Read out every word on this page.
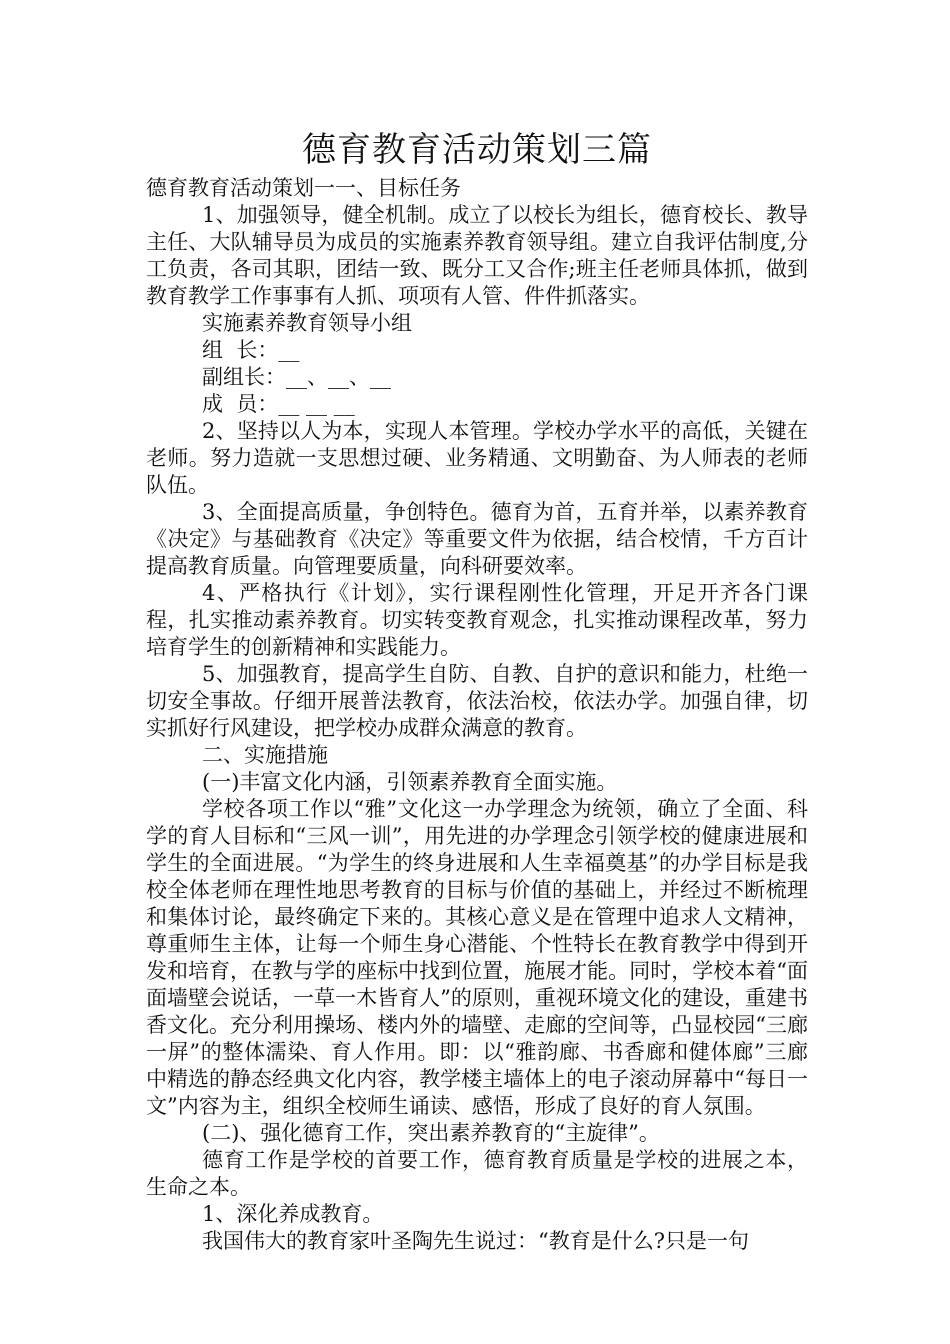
德育教育活动策划三篇

德育教育活动策划一一、目标任务

1、加强领导，健全机制。成立了以校长为组长，德育校长、教导主任、大队辅导员为成员的实施素养教育领导组。建立自我评估制度,分工负责，各司其职，团结一致、既分工又合作;班主任老师具体抓，做到教育教学工作事事有人抓、项项有人管、件件抓落实。

实施素养教育领导小组

组  长：__

副组长：__、__、__

成  员：__ __ __

2、坚持以人为本，实现人本管理。学校办学水平的高低，关键在老师。努力造就一支思想过硬、业务精通、文明勤奋、为人师表的老师队伍。

3、全面提高质量，争创特色。德育为首，五育并举，以素养教育《决定》与基础教育《决定》等重要文件为依据，结合校情，千方百计提高教育质量。向管理要质量，向科研要效率。

4、严格执行《计划》，实行课程刚性化管理，开足开齐各门课程，扎实推动素养教育。切实转变教育观念，扎实推动课程改革，努力培育学生的创新精神和实践能力。

5、加强教育，提高学生自防、自教、自护的意识和能力，杜绝一切安全事故。仔细开展普法教育，依法治校，依法办学。加强自律，切实抓好行风建设，把学校办成群众满意的教育。

二、实施措施

(一)丰富文化内涵，引领素养教育全面实施。

学校各项工作以“雅”文化这一办学理念为统领，确立了全面、科学的育人目标和“三风一训”，用先进的办学理念引领学校的健康进展和学生的全面进展。“为学生的终身进展和人生幸福奠基”的办学目标是我校全体老师在理性地思考教育的目标与价值的基础上，并经过不断梳理和集体讨论，最终确定下来的。其核心意义是在管理中追求人文精神，尊重师生主体，让每一个师生身心潜能、个性特长在教育教学中得到开发和培育，在教与学的座标中找到位置，施展才能。同时，学校本着“面面墙壁会说话，一草一木皆育人”的原则，重视环境文化的建设，重建书香文化。充分利用操场、楼内外的墙壁、走廊的空间等，凸显校园“三廊一屏”的整体濡染、育人作用。即：以“雅韵廊、书香廊和健体廊”三廊中精选的静态经典文化内容，教学楼主墙体上的电子滚动屏幕中“每日一文”内容为主，组织全校师生诵读、感悟，形成了良好的育人氛围。

(二)、强化德育工作，突出素养教育的“主旋律”。

德育工作是学校的首要工作，德育教育质量是学校的进展之本，生命之本。

1、深化养成教育。

我国伟大的教育家叶圣陶先生说过：“教育是什么?只是一句
